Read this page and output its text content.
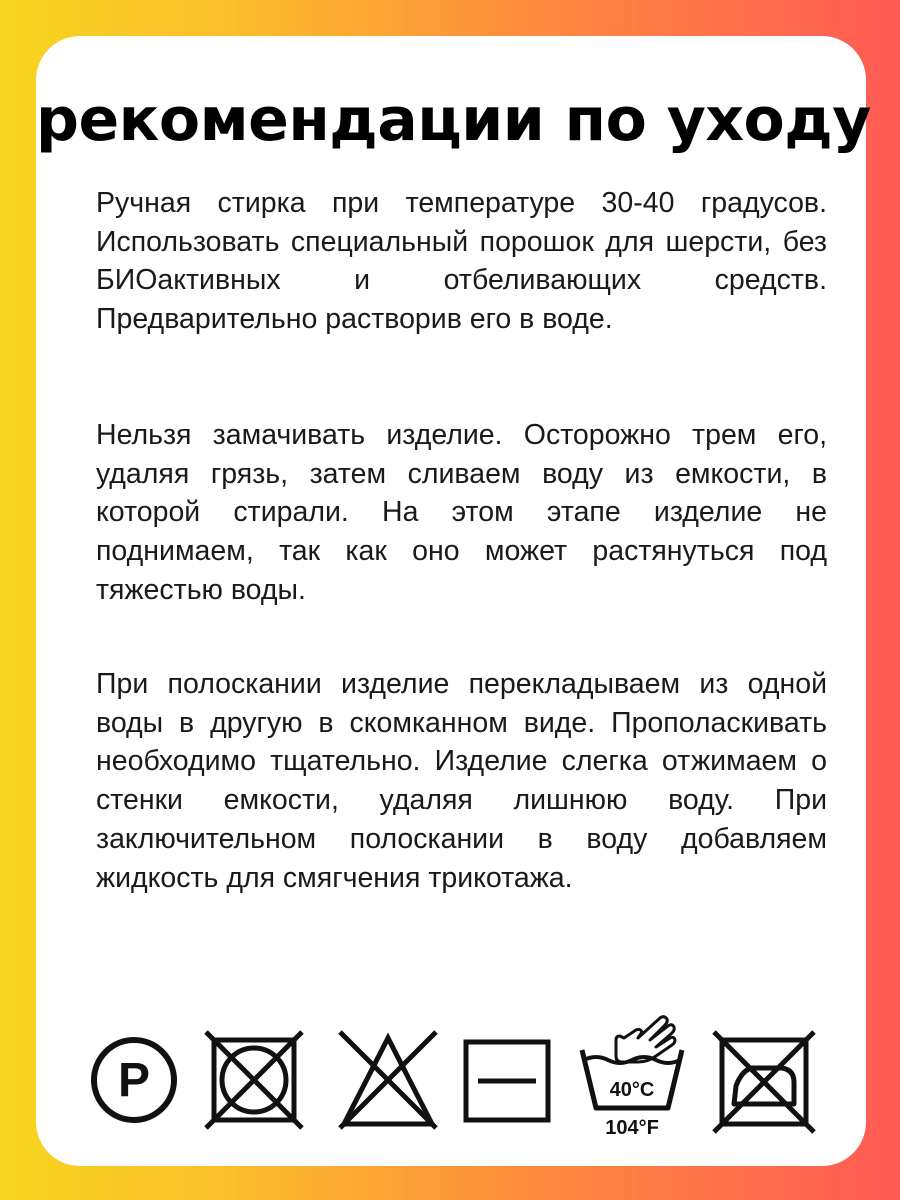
рекомендации по уходу

Ручная стирка при температуре 30-40 градусов. Использовать специальный порошок для шерсти, без БИОактивных и отбеливающих средств. Предварительно растворив его в воде.

Нельзя замачивать изделие. Осторожно трем его, удаляя грязь, затем сливаем воду из емкости, в которой стирали. На этом этапе изделие не поднимаем, так как оно может растянуться под тяжестью воды.

При полоскании изделие перекладываем из одной воды в другую в скомканном виде. Прополаскивать необходимо тщательно. Изделие слегка отжимаем о стенки емкости, удаляя лишнюю воду. При заключительном полоскании в воду добавляем жидкость для смягчения трикотажа.

P	40°C
104°F
